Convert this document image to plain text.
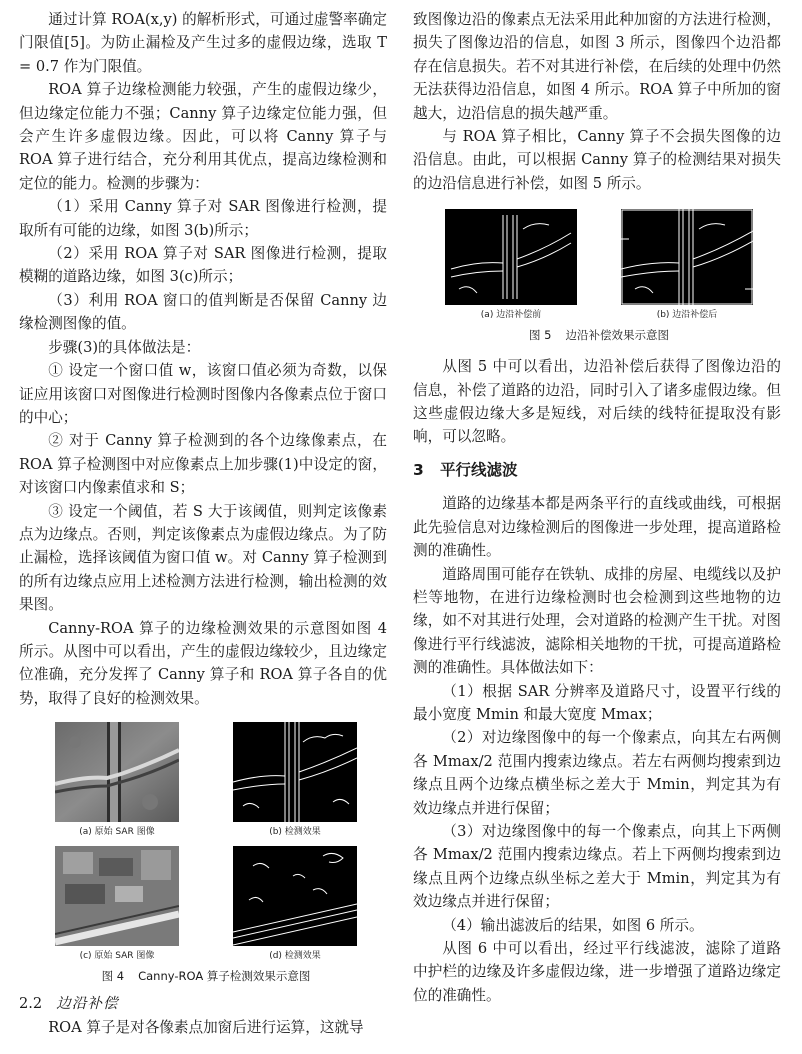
通过计算 ROA(x,y) 的解析形式，可通过虚警率确定门限值[5]。为防止漏检及产生过多的虚假边缘，选取 T = 0.7 作为门限值。

ROA 算子边缘检测能力较强，产生的虚假边缘少，但边缘定位能力不强；Canny 算子边缘定位能力强，但会产生许多虚假边缘。因此，可以将 Canny 算子与 ROA 算子进行结合，充分利用其优点，提高边缘检测和定位的能力。检测的步骤为：

（1）采用 Canny 算子对 SAR 图像进行检测，提取所有可能的边缘，如图 3(b)所示；

（2）采用 ROA 算子对 SAR 图像进行检测，提取模糊的道路边缘，如图 3(c)所示；

（3）利用 ROA 窗口的值判断是否保留 Canny 边缘检测图像的值。

步骤(3)的具体做法是：

① 设定一个窗口值 w，该窗口值必须为奇数，以保证应用该窗口对图像进行检测时图像内各像素点位于窗口的中心；

② 对于 Canny 算子检测到的各个边缘像素点，在 ROA 算子检测图中对应像素点上加步骤(1)中设定的窗，对该窗口内像素值求和 S；

③ 设定一个阈值，若 S 大于该阈值，则判定该像素点为边缘点。否则，判定该像素点为虚假边缘点。为了防止漏检，选择该阈值为窗口值 w。对 Canny 算子检测到的所有边缘点应用上述检测方法进行检测，输出检测的效果图。

Canny-ROA 算子的边缘检测效果的示意图如图 4 所示。从图中可以看出，产生的虚假边缘较少，且边缘定位准确，充分发挥了 Canny 算子和 ROA 算子各自的优势，取得了良好的检测效果。

(a) 原始 SAR 图像	(b) 检测效果
(c) 原始 SAR 图像	(d) 检测效果
图 4 Canny-ROA 算子检测效果示意图
2.2 边沿补偿

ROA 算子是对各像素点加窗后进行运算，这就导

致图像边沿的像素点无法采用此种加窗的方法进行检测，损失了图像边沿的信息，如图 3 所示，图像四个边沿都存在信息损失。若不对其进行补偿，在后续的处理中仍然无法获得边沿信息，如图 4 所示。ROA 算子中所加的窗越大，边沿信息的损失越严重。

与 ROA 算子相比，Canny 算子不会损失图像的边沿信息。由此，可以根据 Canny 算子的检测结果对损失的边沿信息进行补偿，如图 5 所示。

(a) 边沿补偿前	(b) 边沿补偿后
图 5 边沿补偿效果示意图

从图 5 中可以看出，边沿补偿后获得了图像边沿的信息，补偿了道路的边沿，同时引入了诸多虚假边缘。但这些虚假边缘大多是短线，对后续的线特征提取没有影响，可以忽略。

3 平行线滤波

道路的边缘基本都是两条平行的直线或曲线，可根据此先验信息对边缘检测后的图像进一步处理，提高道路检测的准确性。

道路周围可能存在铁轨、成排的房屋、电缆线以及护栏等地物，在进行边缘检测时也会检测到这些地物的边缘，如不对其进行处理，会对道路的检测产生干扰。对图像进行平行线滤波，滤除相关地物的干扰，可提高道路检测的准确性。具体做法如下：

（1）根据 SAR 分辨率及道路尺寸，设置平行线的最小宽度 Mmin 和最大宽度 Mmax；

（2）对边缘图像中的每一个像素点，向其左右两侧各 Mmax/2 范围内搜索边缘点。若左右两侧均搜索到边缘点且两个边缘点横坐标之差大于 Mmin，判定其为有效边缘点并进行保留；

（3）对边缘图像中的每一个像素点，向其上下两侧各 Mmax/2 范围内搜索边缘点。若上下两侧均搜索到边缘点且两个边缘点纵坐标之差大于 Mmin，判定其为有效边缘点并进行保留；

（4）输出滤波后的结果，如图 6 所示。

从图 6 中可以看出，经过平行线滤波，滤除了道路中护栏的边缘及许多虚假边缘，进一步增强了道路边缘定位的准确性。
